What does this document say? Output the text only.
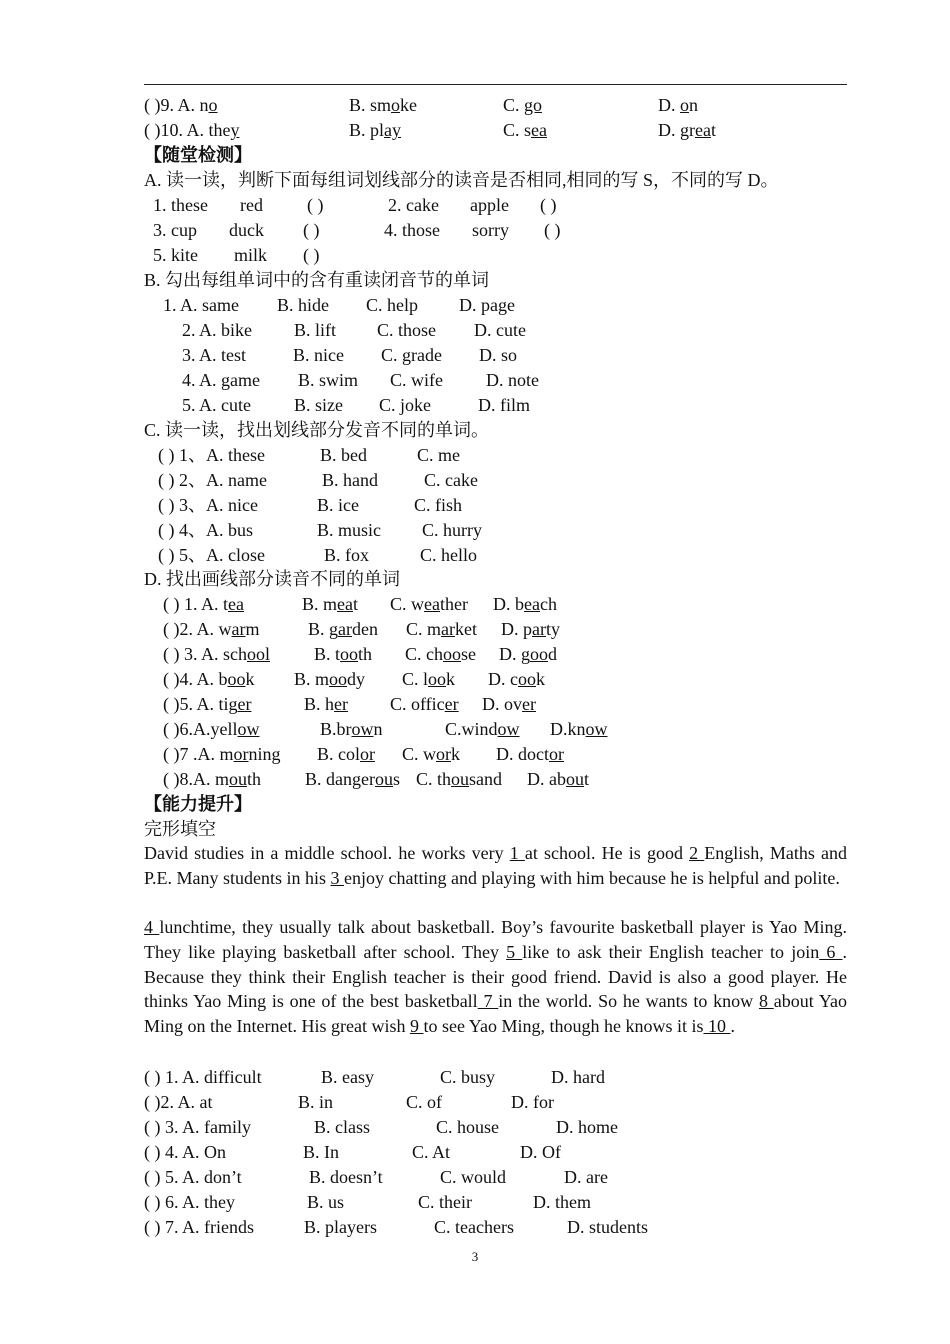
( )9. A. no	B. smoke	C. go	D. on
( )10. A. they	B. play	C. sea	D. great
【随堂检测】
A. 读一读，判断下面每组词划线部分的读音是否相同,相同的写 S，不同的写 D。
1. these red ( )	2. cake apple ( )
3. cup duck ( )	4. those sorry ( )
5. kite milk ( )
B. 勾出每组单词中的含有重读闭音节的单词
1. A. same B. hide C. help D. page
2. A. bike B. lift C. those D. cute
3. A. test	B. nice C. grade D. so
4. A. game B. swim C. wife D. note
5. A. cute B. size C. joke	D. film
C. 读一读，找出划线部分发音不同的单词。
( ) 1、A. these	B. bed	C. me
( ) 2、A. name	B. hand	C. cake
( ) 3、A. nice	B. ice	C. fish
( ) 4、A. bus	B. music C. hurry
( ) 5、A. close	B. fox	C. hello
D. 找出画线部分读音不同的单词
( ) 1. A. tea	B. meat C. weather D. beach
( )2. A. warm	B. garden C. market D. party
( ) 3. A. school B. tooth C. choose D. good
( )4. A. book B. moody C. look D. cook
( )5. A. tiger	B. her C. officer D. over
( )6.A.yellow	B.brown	C.window D.know
( )7 .A. morning B. color C. work D. doctor
( )8.A. mouth B. dangerous C. thousand D. about
【能力提升】
完形填空
David studies in a middle school. he works very 1 at school. He is good 2 English, Maths and P.E. Many students in his 3 enjoy chatting and playing with him because he is helpful and polite.
4 lunchtime, they usually talk about basketball. Boy’s favourite basketball player is Yao Ming. They like playing basketball after school. They 5 like to ask their English teacher to join 6 . Because they think their English teacher is their good friend. David is also a good player. He thinks Yao Ming is one of the best basketball 7 in the world. So he wants to know 8 about Yao Ming on the Internet. His great wish 9 to see Yao Ming, though he knows it is 10 .
( ) 1. A. difficult	B. easy	C. busy	D. hard
( )2. A. at	B. in	C. of	D. for
( ) 3. A. family	B. class	C. house	D. home
( ) 4. A. On	B. In	C. At	D. Of
( ) 5. A. don’t	B. doesn’t	C. would	D. are
( ) 6. A. they	B. us	C. their	D. them
( ) 7. A. friends	B. players	C. teachers	D. students
3
